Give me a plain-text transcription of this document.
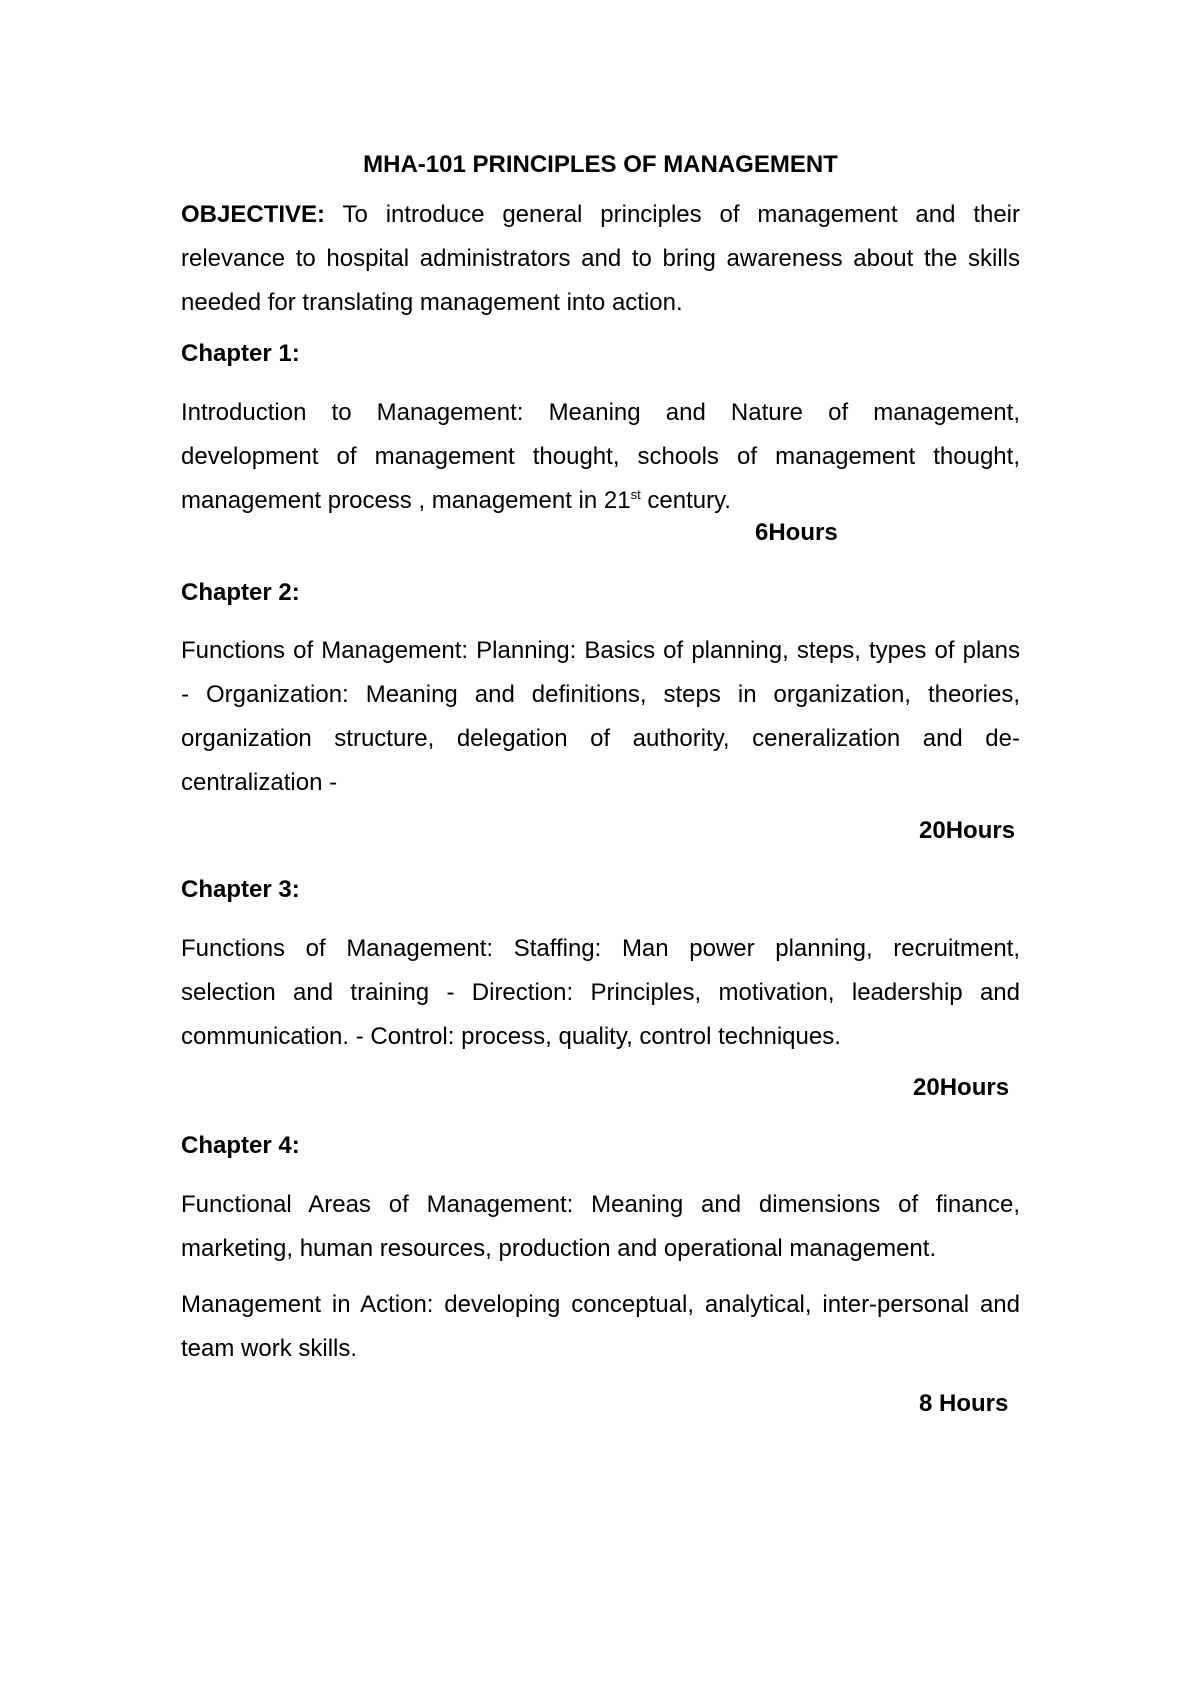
MHA-101 PRINCIPLES OF MANAGEMENT

OBJECTIVE: To introduce general principles of management and their relevance to hospital administrators and to bring awareness about the skills needed for translating management into action.

Chapter 1:

Introduction to Management: Meaning and Nature of management, development of management thought, schools of management thought, management process , management in 21st century.

6Hours
Chapter 2:

Functions of Management: Planning: Basics of planning, steps, types of plans - Organization: Meaning and definitions, steps in organization, theories, organization structure, delegation of authority, ceneralization and de-centralization -

20Hours
Chapter 3:

Functions of Management: Staffing: Man power planning, recruitment, selection and training - Direction: Principles, motivation, leadership and communication. - Control: process, quality, control techniques.

20Hours
Chapter 4:

Functional Areas of Management: Meaning and dimensions of finance, marketing, human resources, production and operational management.

Management in Action: developing conceptual, analytical, inter-personal and team work skills.

8 Hours
